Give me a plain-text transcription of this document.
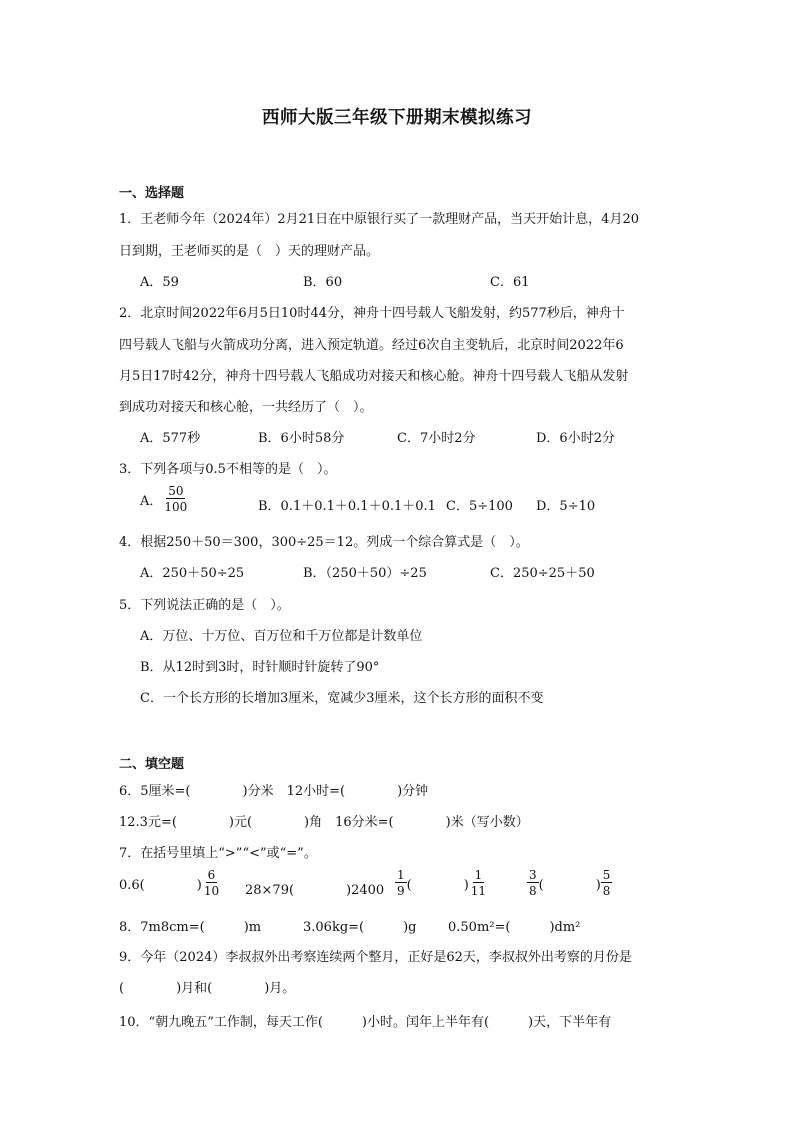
西师大版三年级下册期末模拟练习
一、选择题
1．王老师今年（2024年）2月21日在中原银行买了一款理财产品，当天开始计息，4月20
日到期，王老师买的是（　）天的理财产品。
A．59	B．60	C．61
2．北京时间2022年6月5日10时44分，神舟十四号载人飞船发射，约577秒后，神舟十
四号载人飞船与火箭成功分离，进入预定轨道。经过6次自主变轨后，北京时间2022年6
月5日17时42分，神舟十四号载人飞船成功对接天和核心舱。神舟十四号载人飞船从发射
到成功对接天和核心舱，一共经历了（　）。
A．577秒	B．6小时58分	C．7小时2分	D．6小时2分
3．下列各项与0.5不相等的是（　）。
A． $\frac{50}{100}$	B．0.1＋0.1＋0.1＋0.1＋0.1 C．5÷100 D．5÷10
4．根据250＋50＝300，300÷25＝12。列成一个综合算式是（　）。
A．250＋50÷25	B．（250＋50）÷25	C．250÷25＋50
5．下列说法正确的是（　）。
A．万位、十万位、百万位和千万位都是计数单位
B．从12时到3时，时针顺时针旋转了90°
C．一个长方形的长增加3厘米，宽减少3厘米，这个长方形的面积不变
二、填空题
6．5厘米=(　　　　)分米　12小时=(　　　　)分钟
12.3元=(　　　　)元(　　　　)角　16分米=(　　　　)米（写小数）
7．在括号里填上“>”“<”或“=”。
0.6(　　　　) $\frac{6}{10} 28\times 79$(　　　　)$2400 \frac{1}{9}$ (　　　　) $\frac{1}{11}$	$\frac{3}{8}$ (　　　　) $\frac{5}{8}$
8．7m8cm=(　　　)m	3.06kg=(　　　)g 0.50m²=(　　　)dm²
9．今年（2024）李叔叔外出考察连续两个整月，正好是62天，李叔叔外出考察的月份是
(　　　　)月和(　　　　)月。
10．“朝九晚五”工作制，每天工作(　　　)小时。闰年上半年有(　　　)天，下半年有
